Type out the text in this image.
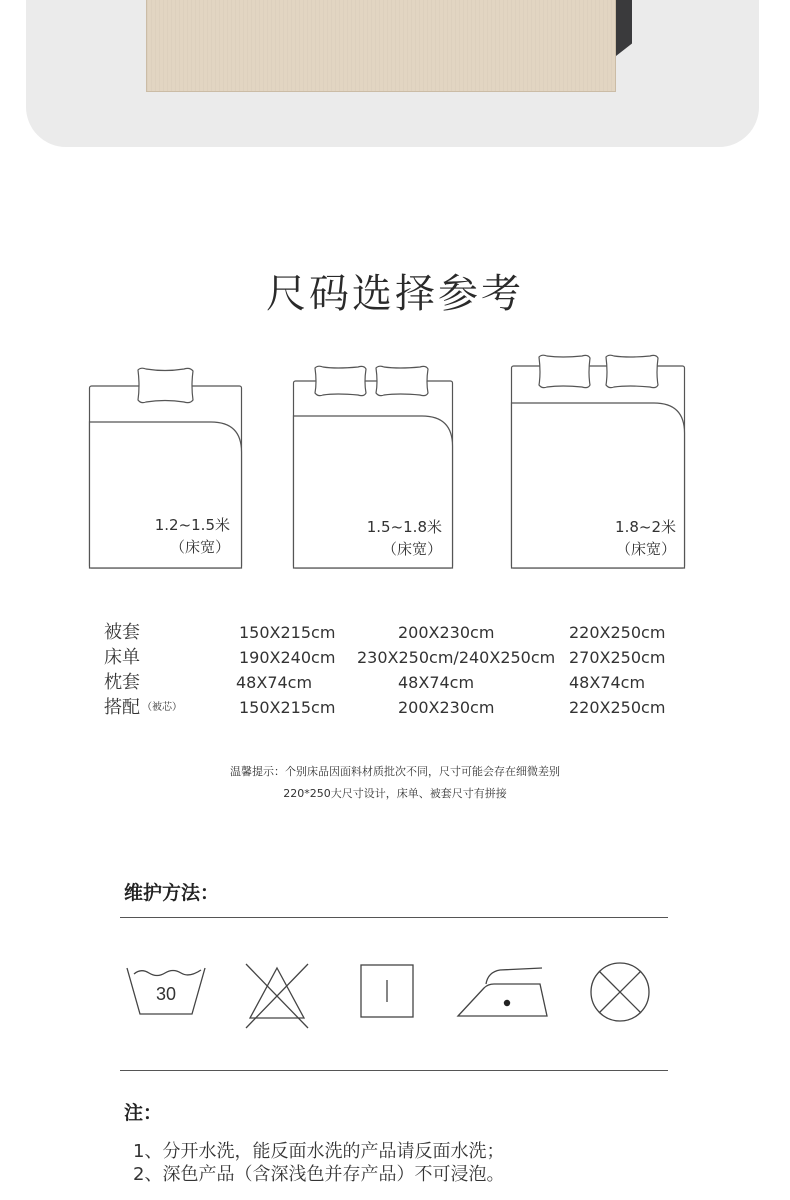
尺码选择参考
1.2~1.5米
（床宽）
1.5~1.8米
（床宽）
1.8~2米
（床宽）
被套	150X215cm	200X230cm	220X250cm
床单	190X240cm 230X250cm/240X250cm 270X250cm
枕套	48X74cm	48X74cm	48X74cm
搭配 （被芯）	150X215cm	200X230cm	220X250cm
温馨提示：个别床品因面料材质批次不同，尺寸可能会存在细微差别
220*250大尺寸设计，床单、被套尺寸有拼接
维护方法：
30
注：
1、分开水洗，能反面水洗的产品请反面水洗；
2、深色产品（含深浅色并存产品）不可浸泡。
